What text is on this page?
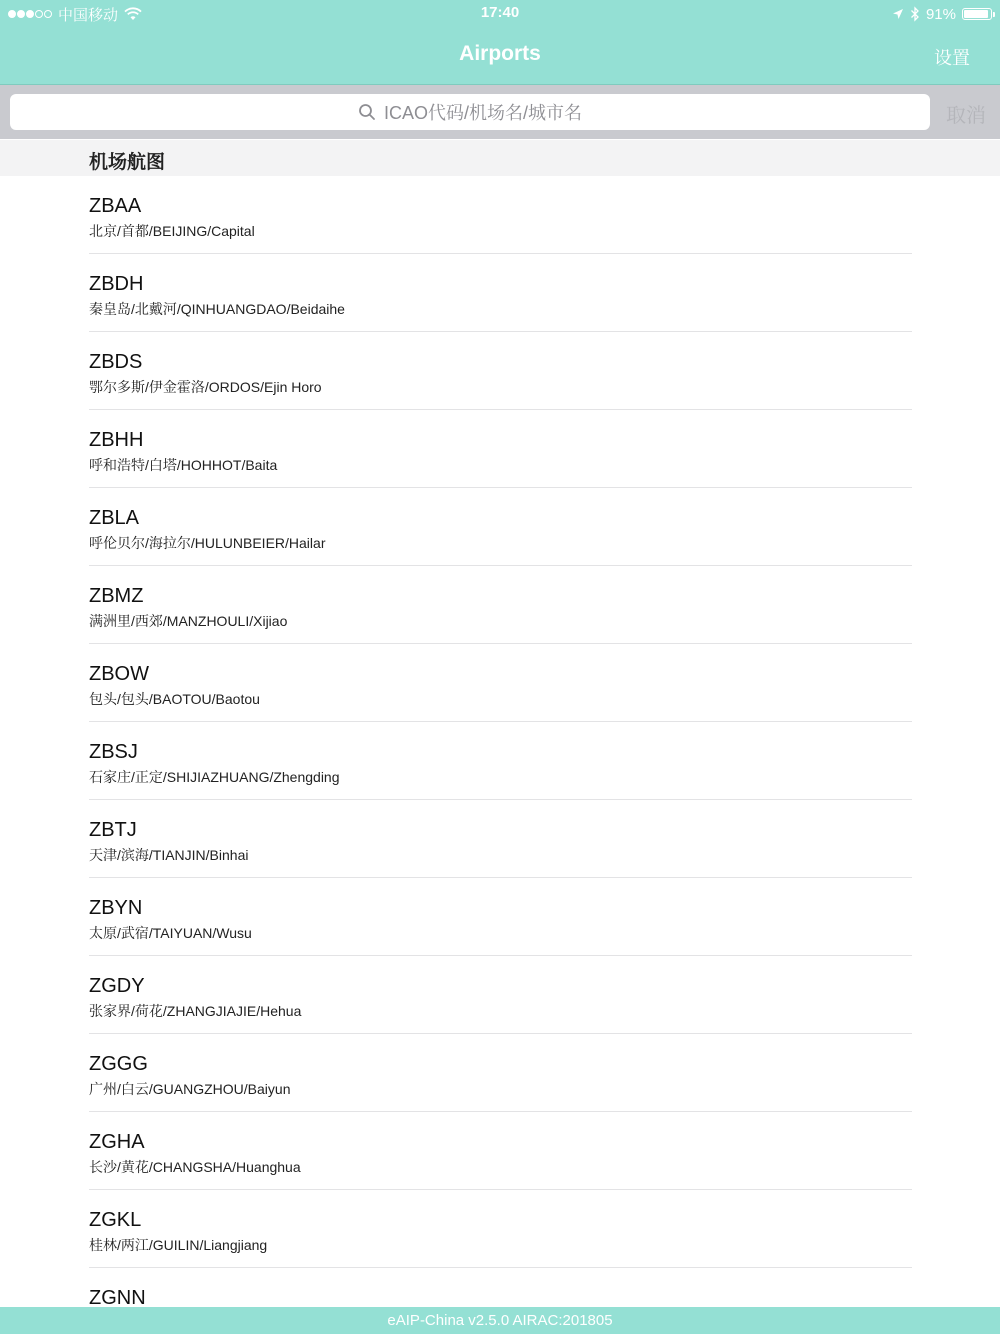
中国移动	17:40	91%
Airports	设置
ICAO代码/机场名/城市名	取消
机场航图
ZBAA
北京/首都/BEIJING/Capital
ZBDH
秦皇岛/北戴河/QINHUANGDAO/Beidaihe
ZBDS
鄂尔多斯/伊金霍洛/ORDOS/Ejin Horo
ZBHH
呼和浩特/白塔/HOHHOT/Baita
ZBLA
呼伦贝尔/海拉尔/HULUNBEIER/Hailar
ZBMZ
满洲里/西郊/MANZHOULI/Xijiao
ZBOW
包头/包头/BAOTOU/Baotou
ZBSJ
石家庄/正定/SHIJIAZHUANG/Zhengding
ZBTJ
天津/滨海/TIANJIN/Binhai
ZBYN
太原/武宿/TAIYUAN/Wusu
ZGDY
张家界/荷花/ZHANGJIAJIE/Hehua
ZGGG
广州/白云/GUANGZHOU/Baiyun
ZGHA
长沙/黄花/CHANGSHA/Huanghua
ZGKL
桂林/两江/GUILIN/Liangjiang
ZGNN
eAIP-China v2.5.0 AIRAC:201805
